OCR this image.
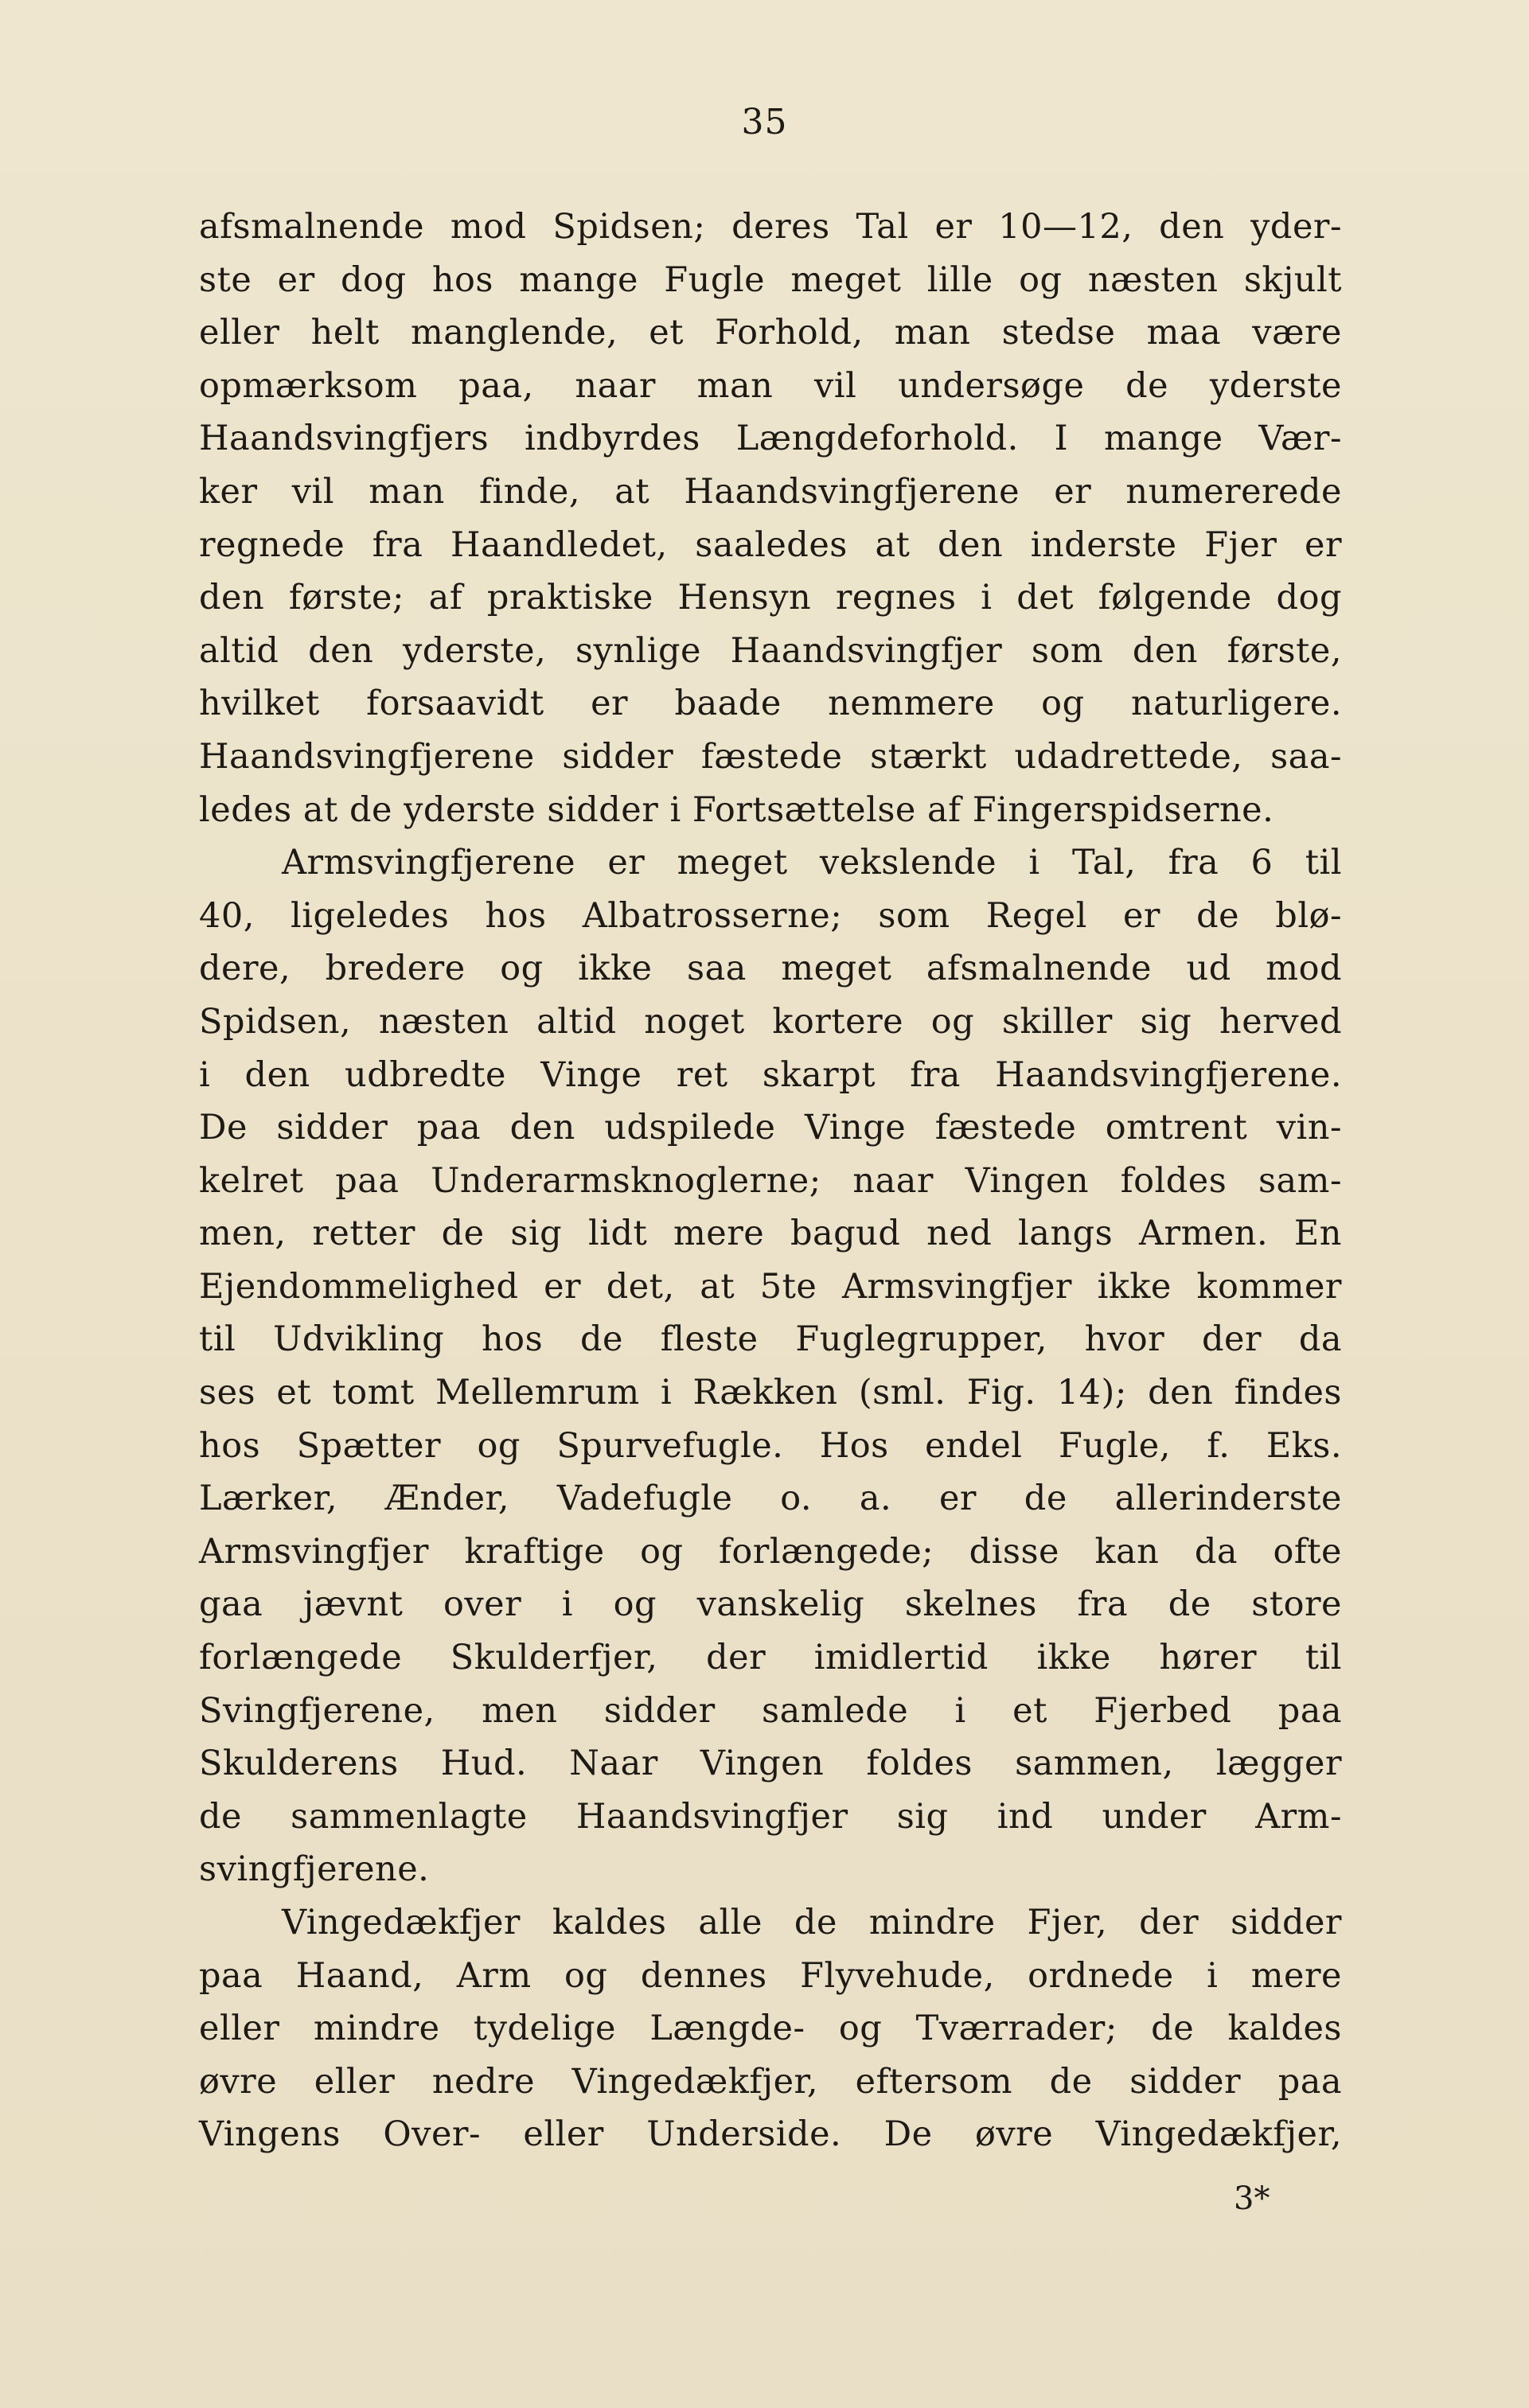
35
afsmalnende mod Spidsen; deres Tal er 10—12, den yder-
ste er dog hos mange Fugle meget lille og næsten skjult
eller helt manglende, et Forhold, man stedse maa være
opmærksom paa, naar man vil undersøge de yderste
Haandsvingfjers indbyrdes Længdeforhold. I mange Vær-
ker vil man finde, at Haandsvingfjerene er numererede
regnede fra Haandledet, saaledes at den inderste Fjer er
den første; af praktiske Hensyn regnes i det følgende dog
altid den yderste, synlige Haandsvingfjer som den første,
hvilket forsaavidt er baade nemmere og naturligere.
Haandsvingfjerene sidder fæstede stærkt udadrettede, saa-
ledes at de yderste sidder i Fortsættelse af Fingerspidserne.
Armsvingfjerene er meget vekslende i Tal, fra 6 til
40, ligeledes hos Albatrosserne; som Regel er de blø-
dere, bredere og ikke saa meget afsmalnende ud mod
Spidsen, næsten altid noget kortere og skiller sig herved
i den udbredte Vinge ret skarpt fra Haandsvingfjerene.
De sidder paa den udspilede Vinge fæstede omtrent vin-
kelret paa Underarmsknoglerne; naar Vingen foldes sam-
men, retter de sig lidt mere bagud ned langs Armen. En
Ejendommelighed er det, at 5te Armsvingfjer ikke kommer
til Udvikling hos de fleste Fuglegrupper, hvor der da
ses et tomt Mellemrum i Rækken (sml. Fig. 14); den findes
hos Spætter og Spurvefugle. Hos endel Fugle, f. Eks.
Lærker, Ænder, Vadefugle o. a. er de allerinderste
Armsvingfjer kraftige og forlængede; disse kan da ofte
gaa jævnt over i og vanskelig skelnes fra de store
forlængede Skulderfjer, der imidlertid ikke hører til
Svingfjerene, men sidder samlede i et Fjerbed paa
Skulderens Hud. Naar Vingen foldes sammen, lægger
de sammenlagte Haandsvingfjer sig ind under Arm-
svingfjerene.
Vingedækfjer kaldes alle de mindre Fjer, der sidder
paa Haand, Arm og dennes Flyvehude, ordnede i mere
eller mindre tydelige Længde- og Tværrader; de kaldes
øvre eller nedre Vingedækfjer, eftersom de sidder paa
Vingens Over- eller Underside. De øvre Vingedækfjer,
3*
